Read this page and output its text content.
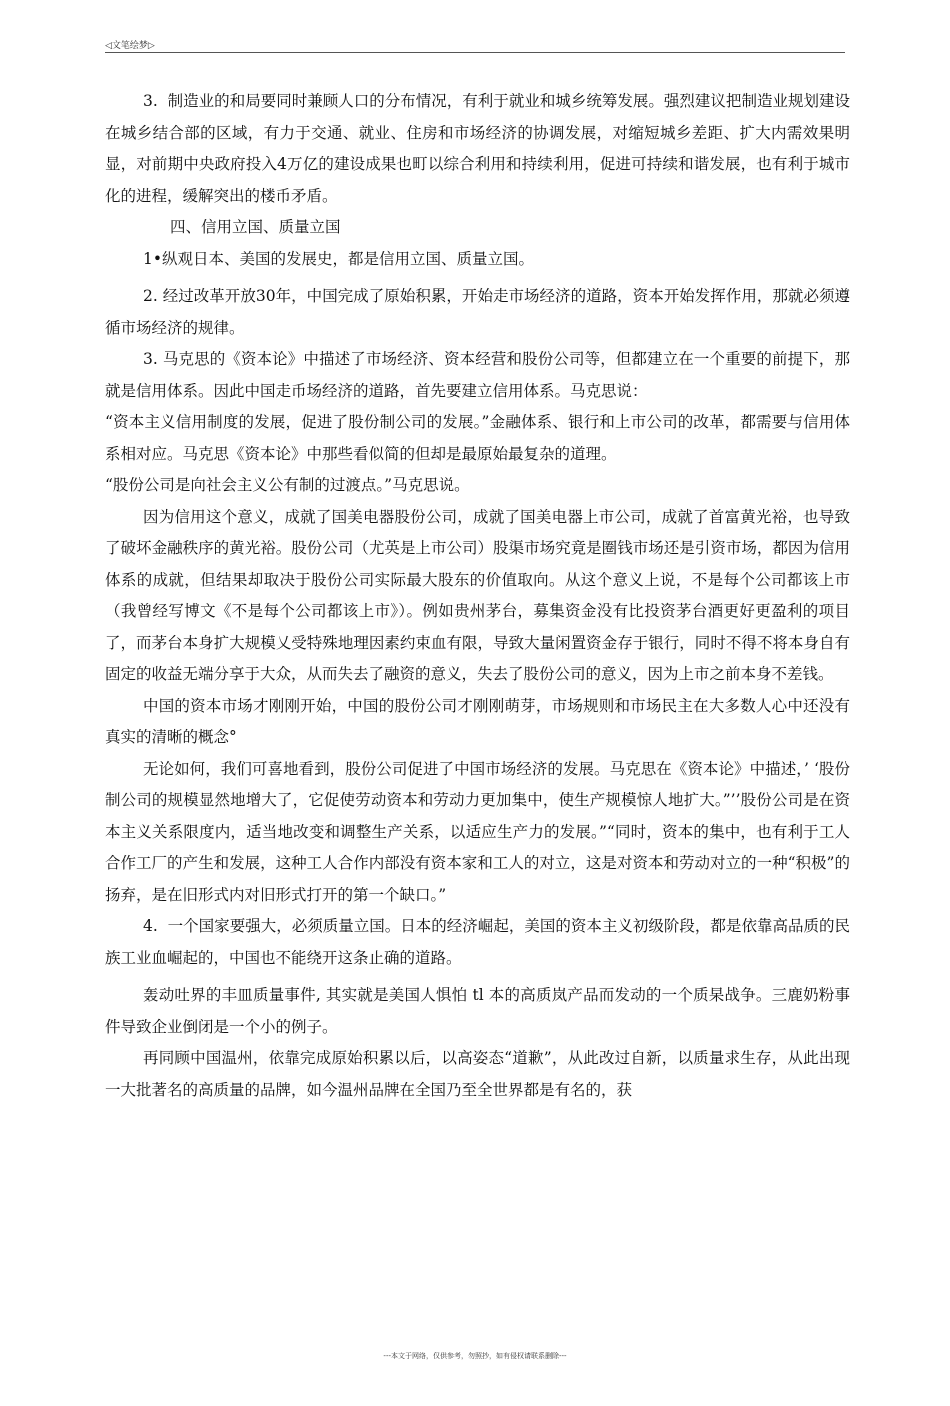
◁文笔绘梦▷

3.  制造业的和局要同时兼顾人口的分布情况，有利于就业和城乡统筹发展。强烈建议把制造业规划建设在城乡结合部的区域，有力于交通、就业、住房和市场经济的协调发展，对缩短城乡差距、扩大内需效果明显，对前期中央政府投入4万亿的建设成果也町以综合利用和持续利用，促进可持续和谐发展，也有利于城市化的进程，缓解突出的楼币矛盾。

四、信用立国、质量立国

1•纵观日本、美国的发展史，都是信用立国、质量立国。

2. 经过改革开放30年，中国完成了原始积累，开始走市场经济的道路，资本开始发挥作用，那就必须遵循市场经济的规律。

3. 马克思的《资本论》中描述了市场经济、资本经营和股份公司等，但都建立在一个重要的前提下，那就是信用体系。因此中国走币场经济的道路，首先要建立信用体系。马克思说：

“资本主义信用制度的发展，促进了股份制公司的发展。”金融体系、银行和上市公司的改革，都需要与信用体系相对应。马克思《资本论》中那些看似简的但却是最原始最复杂的道理。

“股份公司是向社会主义公有制的过渡点。”马克思说。

因为信用这个意义，成就了国美电器股份公司，成就了国美电器上市公司，成就了首富黄光裕，也导致了破坏金融秩序的黄光裕。股份公司（尤英是上市公司）股渠市场究竟是圈钱市场还是引资市场，都因为信用体系的成就，但结果却取决于股份公司实际最大股东的价值取向。从这个意义上说，不是每个公司都该上市（我曾经写博文《不是每个公司都该上市》）。例如贵州茅台，募集资金没有比投资茅台酒更好更盈利的项目了，而茅台本身扩大规模乂受特殊地理因素约束血有限，导致大量闲置资金存于银行，同时不得不将本身自有固定的收益无端分享于大众，从而失去了融资的意义，失去了股份公司的意义，因为上市之前本身不差钱。

中国的资本市场才刚刚开始，中国的股份公司才刚刚萌芽，市场规则和市场民主在大多数人心中还没有真实的清晰的概念°

无论如何，我们可喜地看到，股份公司促进了中国市场经济的发展。马克思在《资本论》中描述，’ ‘股份制公司的规模显然地增大了，它促使劳动资本和劳动力更加集中，使生产规模惊人地扩大。”’’股份公司是在资本主义关系限度内，适当地改变和调整生产关系，以适应生产力的发展。”“同时，资本的集中，也有利于工人合作工厂的产生和发展，这种工人合作内部没有资本家和工人的对立，这是对资本和劳动对立的一种“积极”的扬弃，是在旧形式内对旧形式打开的第一个缺口。”

4.  一个国家要强大，必须质量立国。日本的经济崛起，美国的资本主义初级阶段，都是依靠高品质的民族工业血崛起的，中国也不能绕开这条止确的道路。

轰动吐界的丰皿质量事件, 其实就是美国人惧怕 tl 本的高质岚产品而发动的一个质杲战争。三鹿奶粉事件导致企业倒闭是一个小的例子。

再同顾中国温州，依靠完成原始积累以后，以高姿态“道歉”，从此改过自新，以质量求生存，从此出现一大批著名的高质量的品牌，如今温州品牌在全国乃至全世界都是有名的，获

---本文于网络，仅供参考，勿照抄，如有侵权请联系删除---
